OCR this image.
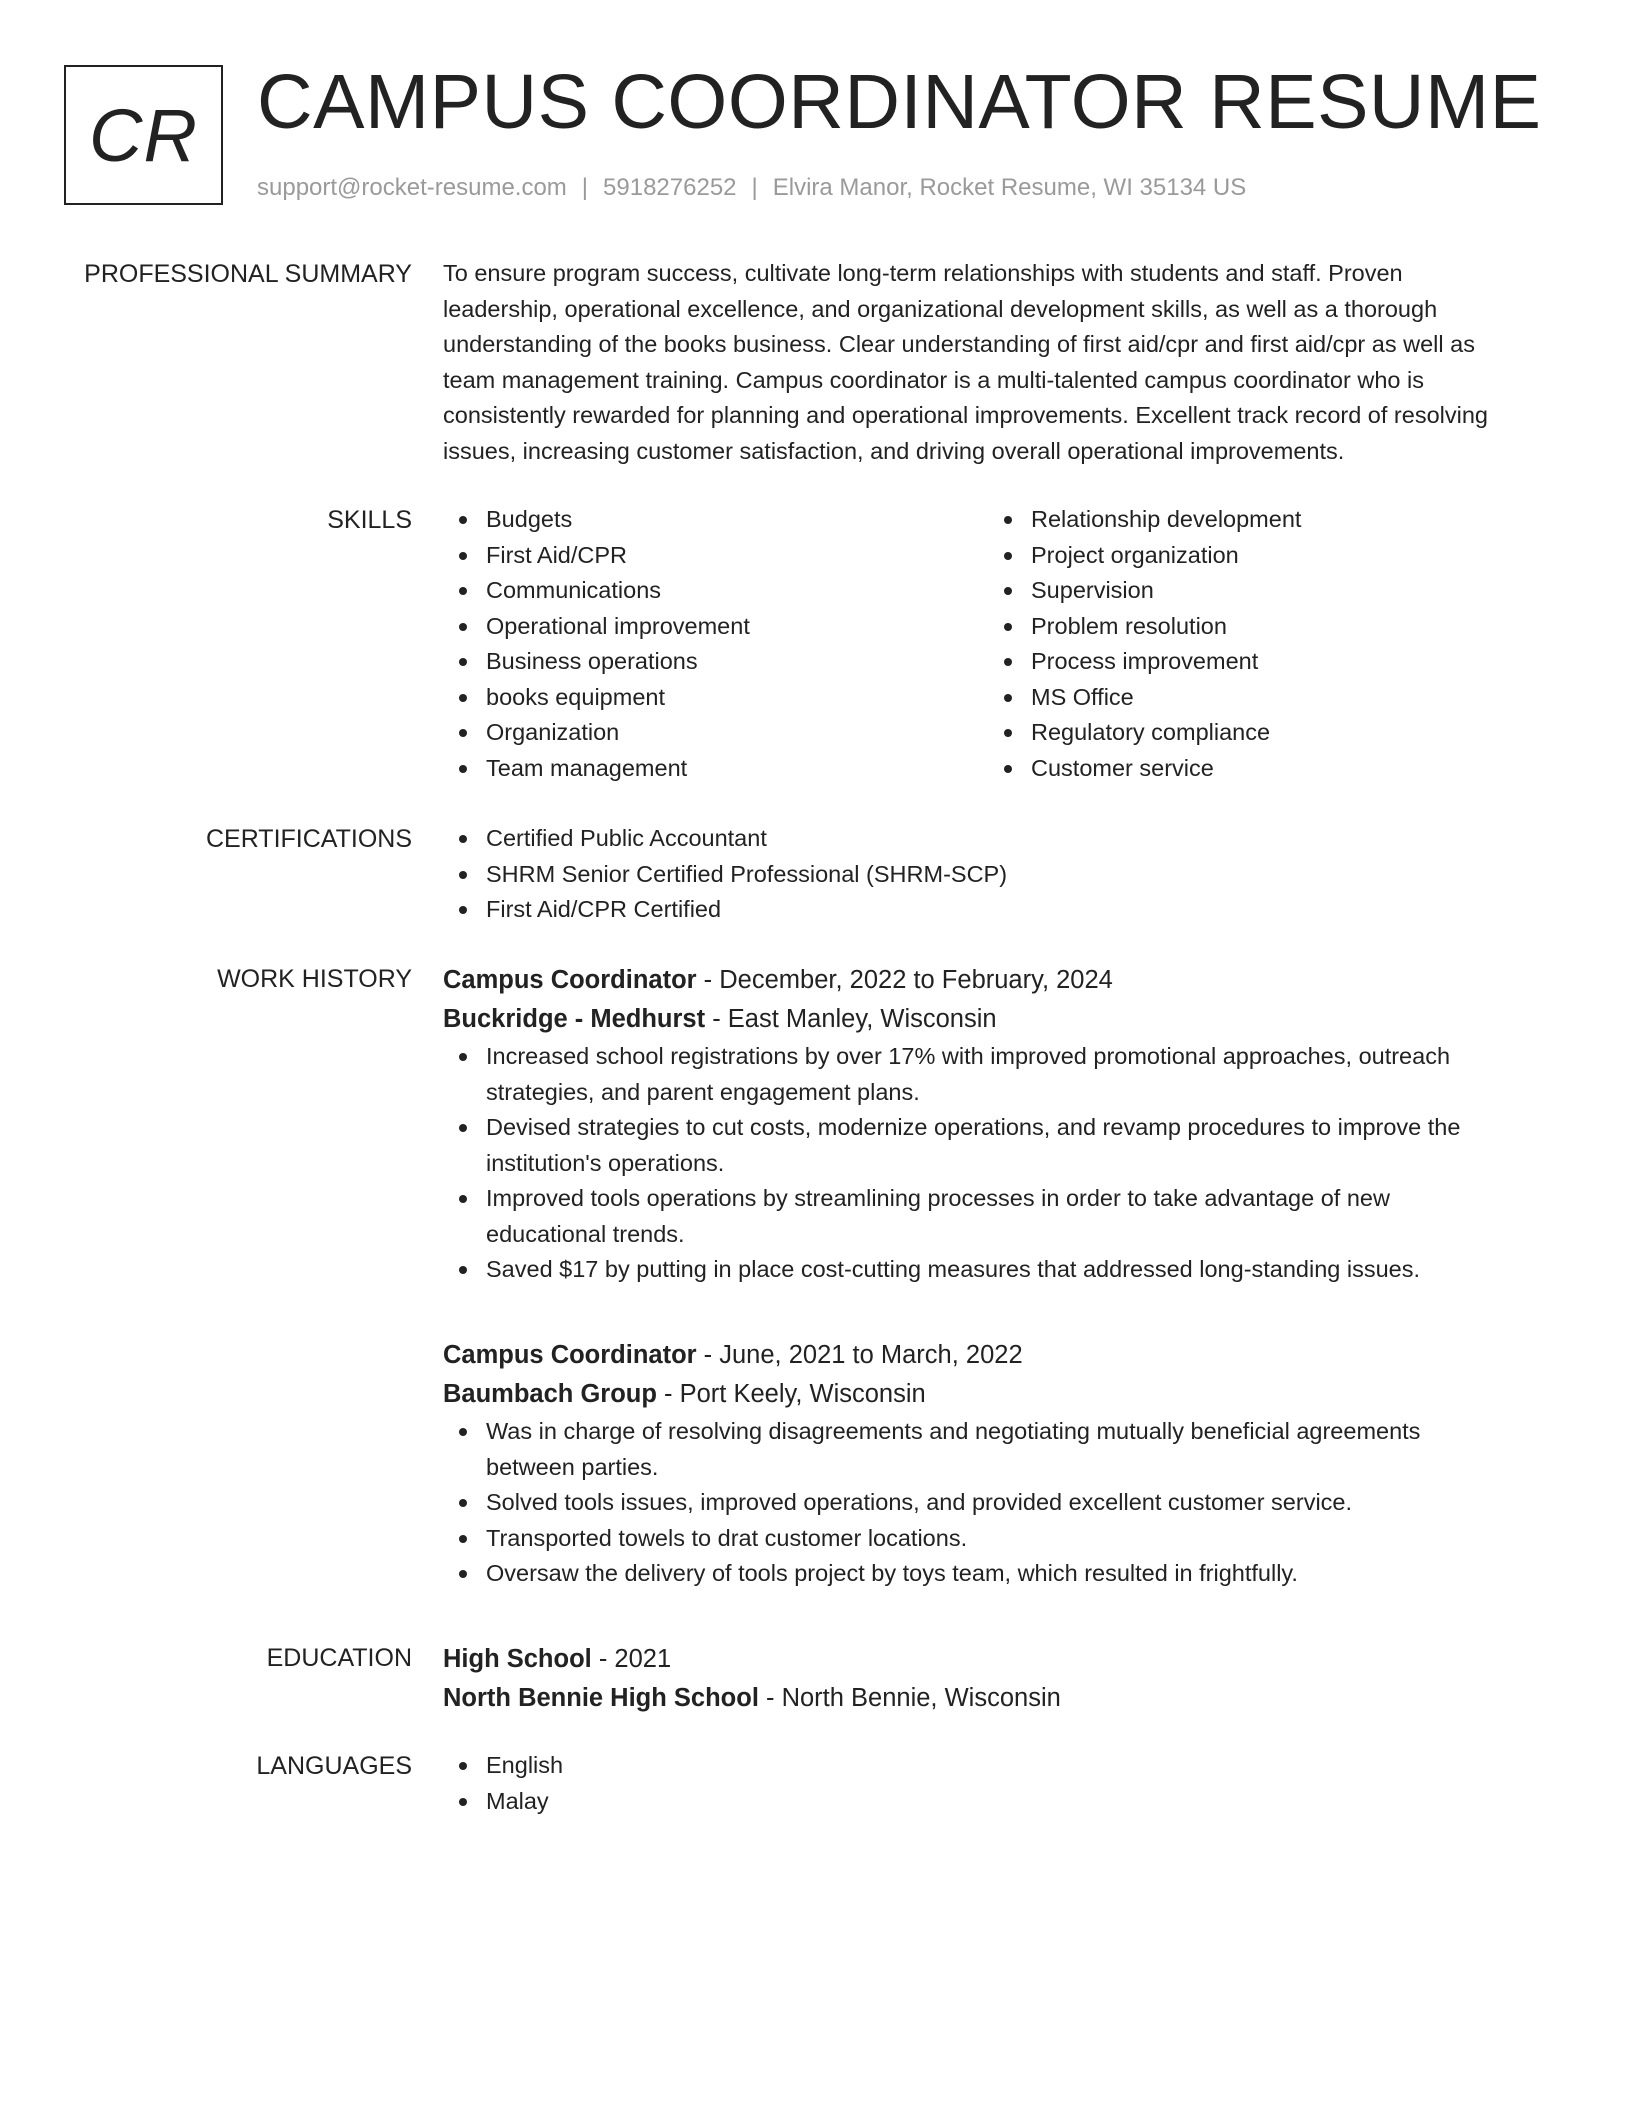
CR CAMPUS COORDINATOR RESUME
support@rocket-resume.com | 5918276252 | Elvira Manor, Rocket Resume, WI 35134 US
PROFESSIONAL SUMMARY To ensure program success, cultivate long-term relationships with students and staff. Proven

leadership, operational excellence, and organizational development skills, as well as a thorough

understanding of the books business. Clear understanding of first aid/cpr and first aid/cpr as well as

team management training. Campus coordinator is a multi-talented campus coordinator who is

consistently rewarded for planning and operational improvements. Excellent track record of resolving

issues, increasing customer satisfaction, and driving overall operational improvements.

SKILLS	Budgets
First Aid/CPR
Communications
Operational improvement
Business operations
books equipment
Organization
Team management
Relationship development
Project organization
Supervision
Problem resolution
Process improvement
MS Office
Regulatory compliance
Customer service
CERTIFICATIONS	Certified Public Accountant
SHRM Senior Certified Professional (SHRM-SCP)
First Aid/CPR Certified
WORK HISTORY Campus Coordinator - December, 2022 to February, 2024
Buckridge - Medhurst - East Manley, Wisconsin
Increased school registrations by over 17% with improved promotional approaches, outreach
strategies, and parent engagement plans.
Devised strategies to cut costs, modernize operations, and revamp procedures to improve the
institution's operations.
Improved tools operations by streamlining processes in order to take advantage of new
educational trends.
Saved $17 by putting in place cost-cutting measures that addressed long-standing issues.
Campus Coordinator - June, 2021 to March, 2022
Baumbach Group - Port Keely, Wisconsin
Was in charge of resolving disagreements and negotiating mutually beneficial agreements
between parties.
Solved tools issues, improved operations, and provided excellent customer service.
Transported towels to drat customer locations.
Oversaw the delivery of tools project by toys team, which resulted in frightfully.
EDUCATION High School - 2021
North Bennie High School - North Bennie, Wisconsin
LANGUAGES	English
Malay
